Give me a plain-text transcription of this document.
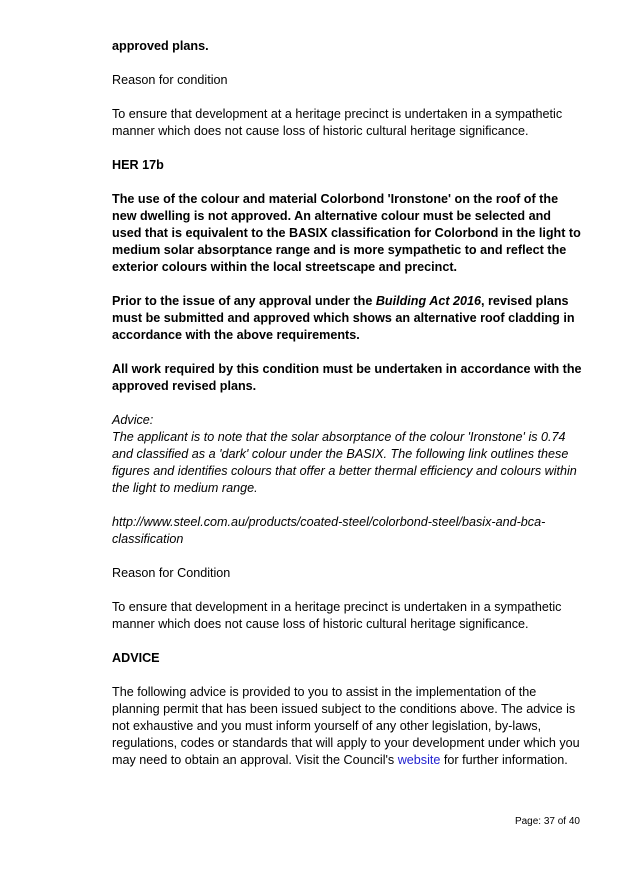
approved plans.

Reason for condition

To ensure that development at a heritage precinct is undertaken in a sympathetic manner which does not cause loss of historic cultural heritage significance.

HER 17b

The use of the colour and material Colorbond 'Ironstone' on the roof of the new dwelling is not approved. An alternative colour must be selected and used that is equivalent to the BASIX classification for Colorbond in the light to medium solar absorptance range and is more sympathetic to and reflect the exterior colours within the local streetscape and precinct.

Prior to the issue of any approval under the Building Act 2016, revised plans must be submitted and approved which shows an alternative roof cladding in accordance with the above requirements.

All work required by this condition must be undertaken in accordance with the approved revised plans.

Advice:

The applicant is to note that the solar absorptance of the colour 'Ironstone' is 0.74 and classified as a 'dark' colour under the BASIX. The following link outlines these figures and identifies colours that offer a better thermal efficiency and colours within the light to medium range.

http://www.steel.com.au/products/coated-steel/colorbond-steel/basix-and-bca-classification

Reason for Condition

To ensure that development in a heritage precinct is undertaken in a sympathetic manner which does not cause loss of historic cultural heritage significance.

ADVICE

The following advice is provided to you to assist in the implementation of the planning permit that has been issued subject to the conditions above. The advice is not exhaustive and you must inform yourself of any other legislation, by-laws, regulations, codes or standards that will apply to your development under which you may need to obtain an approval. Visit the Council's website for further information.

Page: 37 of 40
